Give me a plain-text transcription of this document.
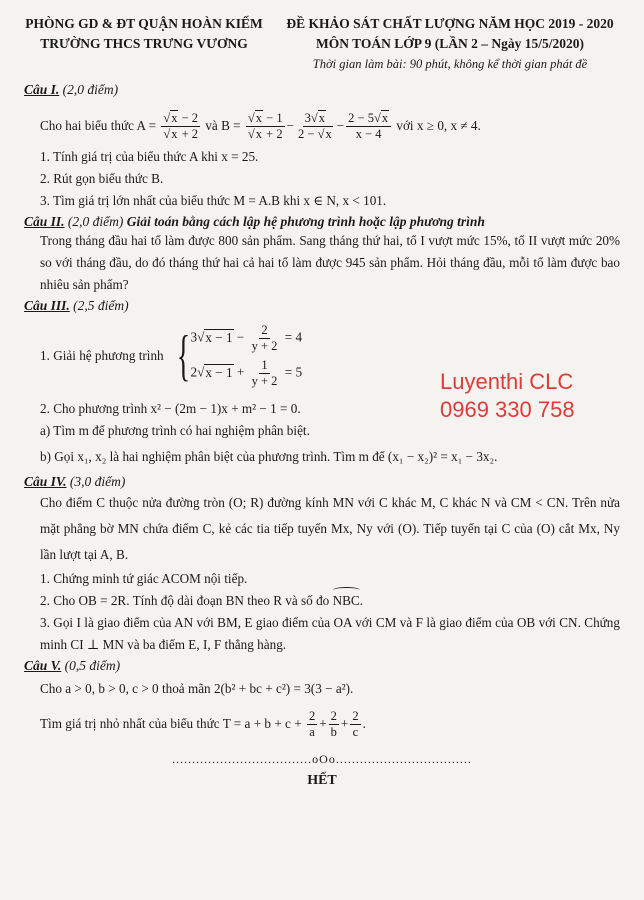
PHÒNG GD & ĐT QUẬN HOÀN KIẾM
TRƯỜNG THCS TRƯNG VƯƠNG
ĐỀ KHẢO SÁT CHẤT LƯỢNG NĂM HỌC 2019 - 2020
MÔN TOÁN LỚP 9 (LẦN 2 – Ngày 15/5/2020)
Thời gian làm bài: 90 phút, không kể thời gian phát đề
Câu I. (2,0 điểm)

Cho hai biểu thức $A = \frac{√x - 2}{√x + 2}$ và $B = \frac{√x - 1}{√x + 2} - \frac{3√x}{2 - √x} - \frac{2 - 5√x}{x - 4}$ với x ≥ 0, x ≠ 4.

1. Tính giá trị của biểu thức A khi x = 25.

2. Rút gọn biểu thức B.

3. Tìm giá trị lớn nhất của biểu thức M = A.B khi x ∈ N, x < 101.

Câu II. (2,0 điểm) Giải toán bằng cách lập hệ phương trình hoặc lập phương trình

Trong tháng đầu hai tổ làm được 800 sản phẩm. Sang tháng thứ hai, tổ I vượt mức 15%, tổ II vượt mức 20% so với tháng đầu, do đó tháng thứ hai cả hai tổ làm được 945 sản phẩm. Hỏi tháng đầu, mỗi tổ làm được bao nhiêu sản phẩm?

Câu III. (2,5 điểm)

1. Giải hệ phương trình { $3√x - 1 - \frac{2}{y + 2} = 4$
$2√x - 1 + \frac{1}{y + 2} = 5$

2. Cho phương trình x² − (2m − 1)x + m² − 1 = 0.

a) Tìm m để phương trình có hai nghiệm phân biệt.

b) Gọi x₁, x₂ là hai nghiệm phân biệt của phương trình. Tìm m để (x₁ − x₂)² = x₁ − 3x₂.

Câu IV. (3,0 điểm)

Cho điểm C thuộc nửa đường tròn (O; R) đường kính MN với C khác M, C khác N và CM < CN. Trên nửa mặt phẳng bờ MN chứa điểm C, kẻ các tia tiếp tuyến Mx, Ny với (O). Tiếp tuyến tại C của (O) cắt Mx, Ny lần lượt tại A, B.

1. Chứng minh tứ giác ACOM nội tiếp.

2. Cho OB = 2R. Tính độ dài đoạn BN theo R và số đo NBC.

3. Gọi I là giao điểm của AN với BM, E giao điểm của OA với CM và F là giao điểm của OB với CN. Chứng minh CI ⊥ MN và ba điểm E, I, F thẳng hàng.

Câu V. (0,5 điểm)

Cho a > 0, b > 0, c > 0 thoả mãn 2(b² + bc + c²) = 3(3 − a²).

Tìm giá trị nhỏ nhất của biểu thức $T = a + b + c + \frac{2}{a} + \frac{2}{b} + \frac{2}{c}$ .

...................................oOo..................................
HẾT
Luyenthi CLC
0969 330 758
